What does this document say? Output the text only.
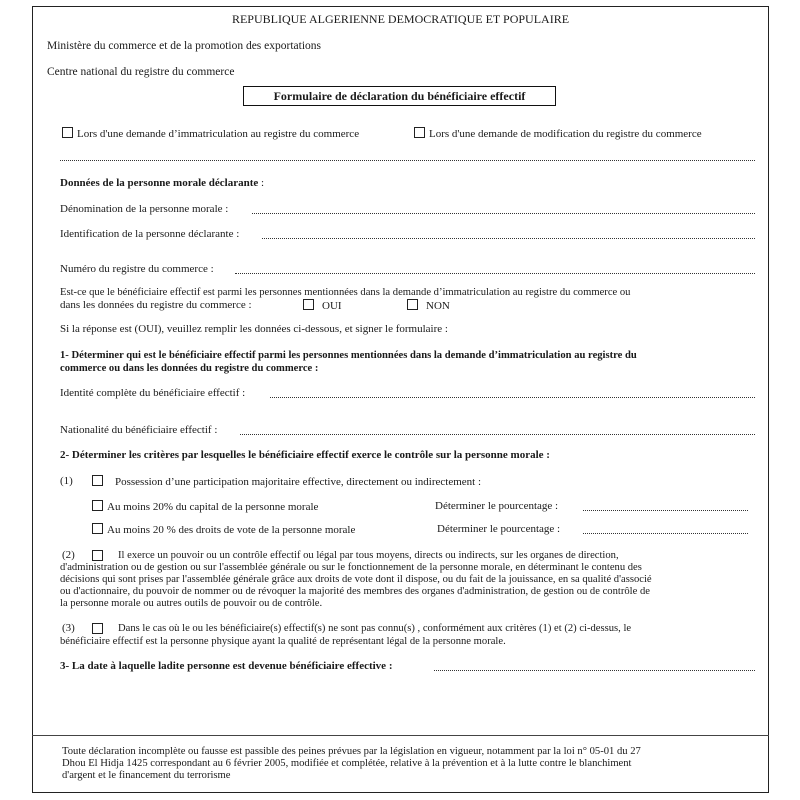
REPUBLIQUE ALGERIENNE DEMOCRATIQUE ET POPULAIRE
Ministère du commerce et de la promotion des exportations
Centre national du registre du commerce
Formulaire de déclaration du bénéficiaire effectif
Lors d'une demande d’immatriculation au registre du commerce	Lors d'une demande de modification du registre du commerce
Données de la personne morale déclarante :
Dénomination de la personne morale :
Identification de la personne déclarante :
Numéro du registre du commerce :
Est-ce que le bénéficiaire effectif est parmi les personnes mentionnées dans la demande d’immatriculation au registre du commerce ou
dans les données du registre du commerce :	OUI	NON
Si la réponse est (OUI), veuillez remplir les données ci-dessous, et signer le formulaire :
1- Déterminer qui est le bénéficiaire effectif parmi les personnes mentionnées dans la demande d’immatriculation au registre du
commerce ou dans les données du registre du commerce :
Identité complète du bénéficiaire effectif :
Nationalité du bénéficiaire effectif :
2- Déterminer les critères par lesquelles le bénéficiaire effectif exerce le contrôle sur la personne morale :
(1)	Possession d’une participation majoritaire effective, directement ou indirectement :
Au moins 20% du capital de la personne morale	Déterminer le pourcentage :
Au moins 20 % des droits de vote de la personne morale	Déterminer le pourcentage :
(2)	Il exerce un pouvoir ou un contrôle effectif ou légal par tous moyens, directs ou indirects, sur les organes de direction,
d'administration ou de gestion ou sur l'assemblée générale ou sur le fonctionnement de la personne morale, en déterminant le contenu des
décisions qui sont prises par l'assemblée générale grâce aux droits de vote dont il dispose, ou du fait de la jouissance, en sa qualité d'associé
ou d'actionnaire, du pouvoir de nommer ou de révoquer la majorité des membres des organes d'administration, de gestion ou de contrôle de
la personne morale ou autres outils de pouvoir ou de contrôle.
(3)	Dans le cas où le ou les bénéficiaire(s) effectif(s) ne sont pas connu(s) , conformément aux critères (1) et (2) ci-dessus, le
bénéficiaire effectif est la personne physique ayant la qualité de représentant légal de la personne morale.
3- La date à laquelle ladite personne est devenue bénéficiaire effective :
Toute déclaration incomplète ou fausse est passible des peines prévues par la législation en vigueur, notamment par la loi n° 05-01 du 27
Dhou El Hidja 1425 correspondant au 6 février 2005, modifiée et complétée, relative à la prévention et à la lutte contre le blanchiment
d'argent et le financement du terrorisme
